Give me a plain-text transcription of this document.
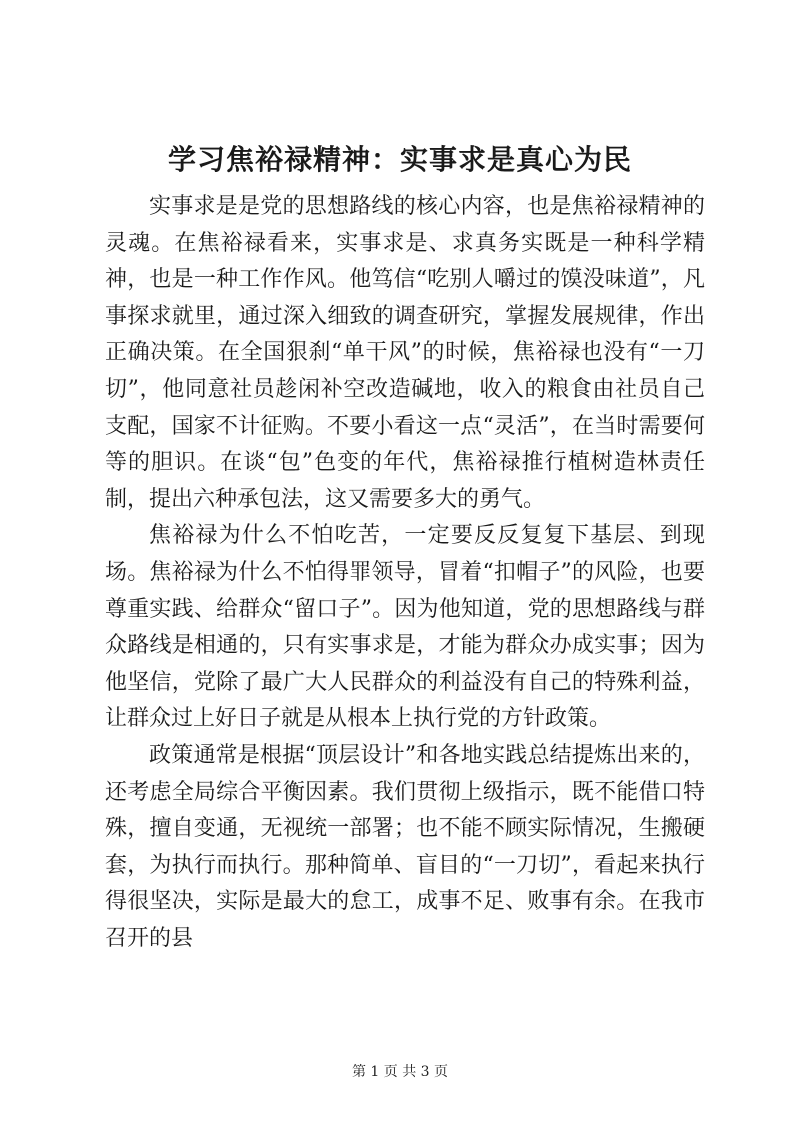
学习焦裕禄精神：实事求是真心为民

实事求是是党的思想路线的核心内容，也是焦裕禄精神的灵魂。在焦裕禄看来，实事求是、求真务实既是一种科学精神，也是一种工作作风。他笃信“吃别人嚼过的馍没味道”，凡事探求就里，通过深入细致的调查研究，掌握发展规律，作出正确决策。在全国狠刹“单干风”的时候，焦裕禄也没有“一刀切”，他同意社员趁闲补空改造碱地，收入的粮食由社员自己支配，国家不计征购。不要小看这一点“灵活”，在当时需要何等的胆识。在谈“包”色变的年代，焦裕禄推行植树造林责任制，提出六种承包法，这又需要多大的勇气。

焦裕禄为什么不怕吃苦，一定要反反复复下基层、到现场。焦裕禄为什么不怕得罪领导，冒着“扣帽子”的风险，也要尊重实践、给群众“留口子”。因为他知道，党的思想路线与群众路线是相通的，只有实事求是，才能为群众办成实事；因为他坚信，党除了最广大人民群众的利益没有自己的特殊利益，让群众过上好日子就是从根本上执行党的方针政策。

政策通常是根据“顶层设计”和各地实践总结提炼出来的，还考虑全局综合平衡因素。我们贯彻上级指示，既不能借口特殊，擅自变通，无视统一部署；也不能不顾实际情况，生搬硬套，为执行而执行。那种简单、盲目的“一刀切”，看起来执行得很坚决，实际是最大的怠工，成事不足、败事有余。在我市召开的县

第 1 页 共 3 页
